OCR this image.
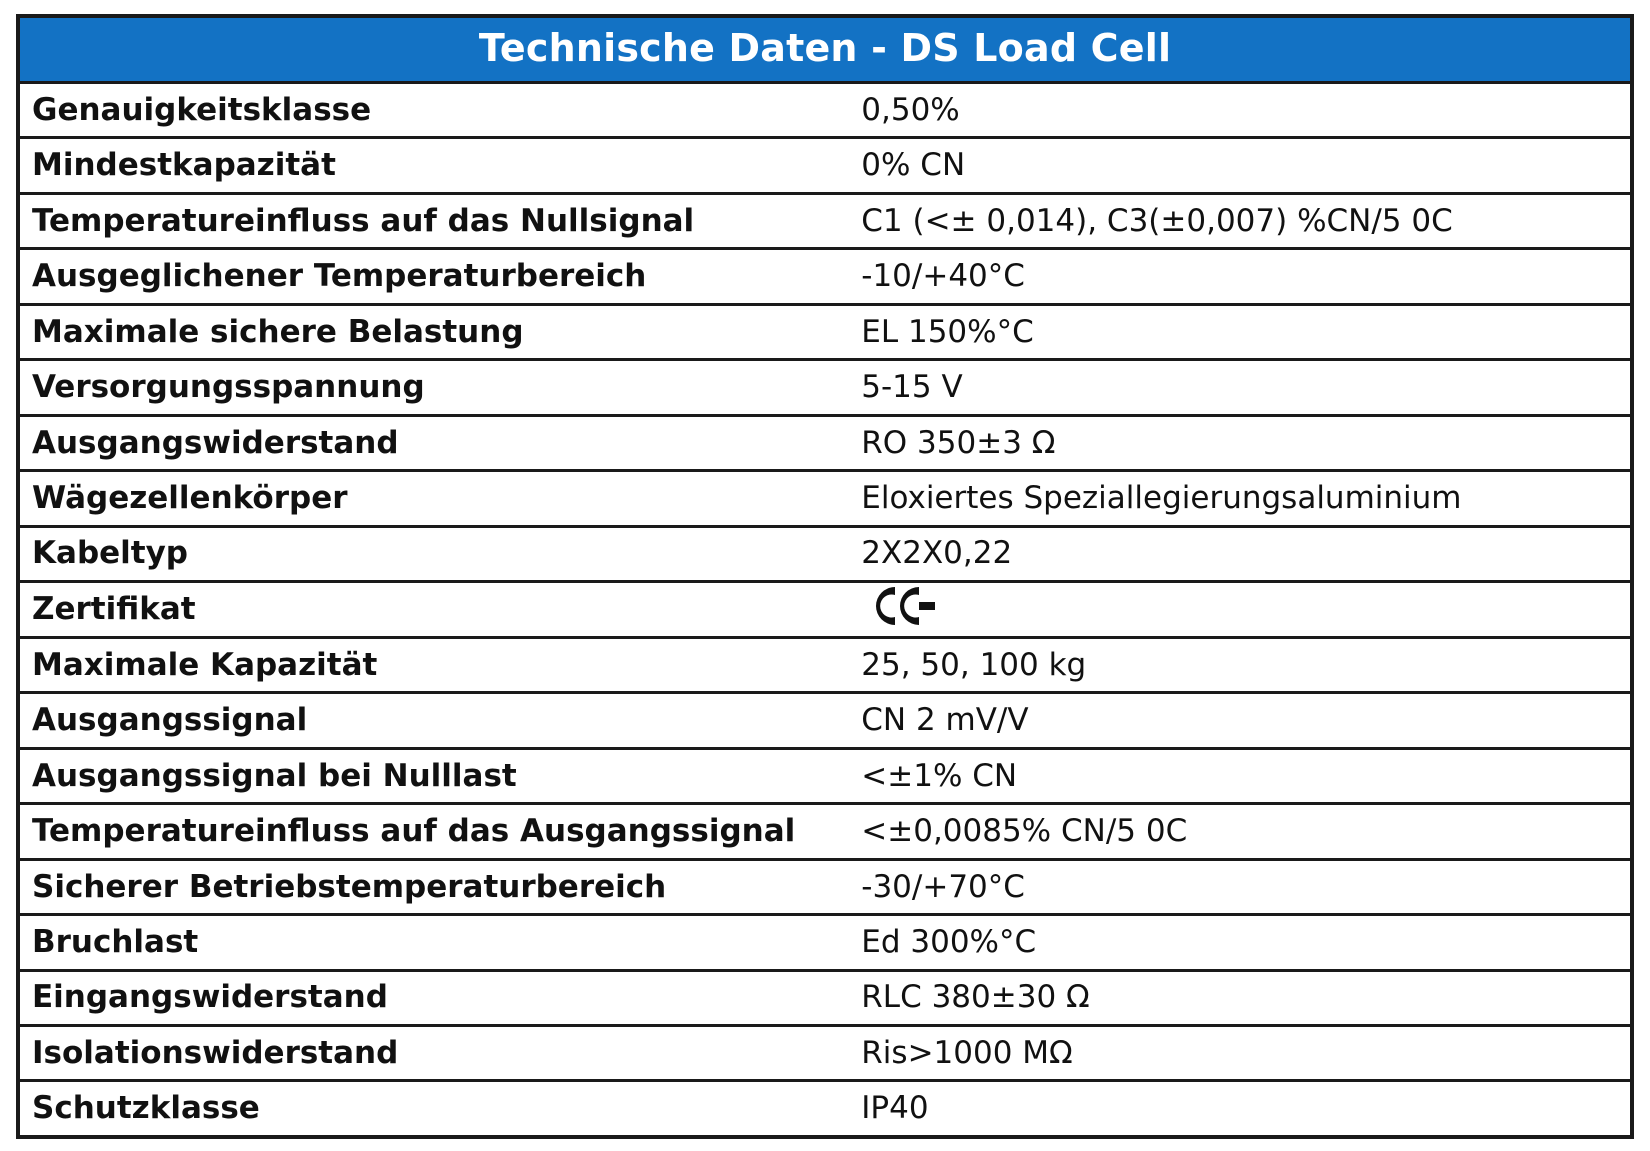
Technische Daten - DS Load Cell	
Genauigkeitsklasse	0,50%
Mindestkapazität	0% CN
Temperatureinfluss auf das Nullsignal	C1 (<± 0,014), C3(±0,007) %CN/5 0C
Ausgeglichener Temperaturbereich	-10/+40°C
Maximale sichere Belastung	EL 150%°C
Versorgungsspannung	5-15 V
Ausgangswiderstand	RO 350±3 Ω
Wägezellenkörper	Eloxiertes Speziallegierungsaluminium
Kabeltyp	2X2X0,22
Zertifikat	

Maximale Kapazität	25, 50, 100 kg
Ausgangssignal	CN 2 mV/V
Ausgangssignal bei Nulllast	<±1% CN
Temperatureinfluss auf das Ausgangssignal	<±0,0085% CN/5 0C
Sicherer Betriebstemperaturbereich	-30/+70°C
Bruchlast	Ed 300%°C
Eingangswiderstand	RLC 380±30 Ω
Isolationswiderstand	Ris>1000 MΩ
Schutzklasse	IP40
